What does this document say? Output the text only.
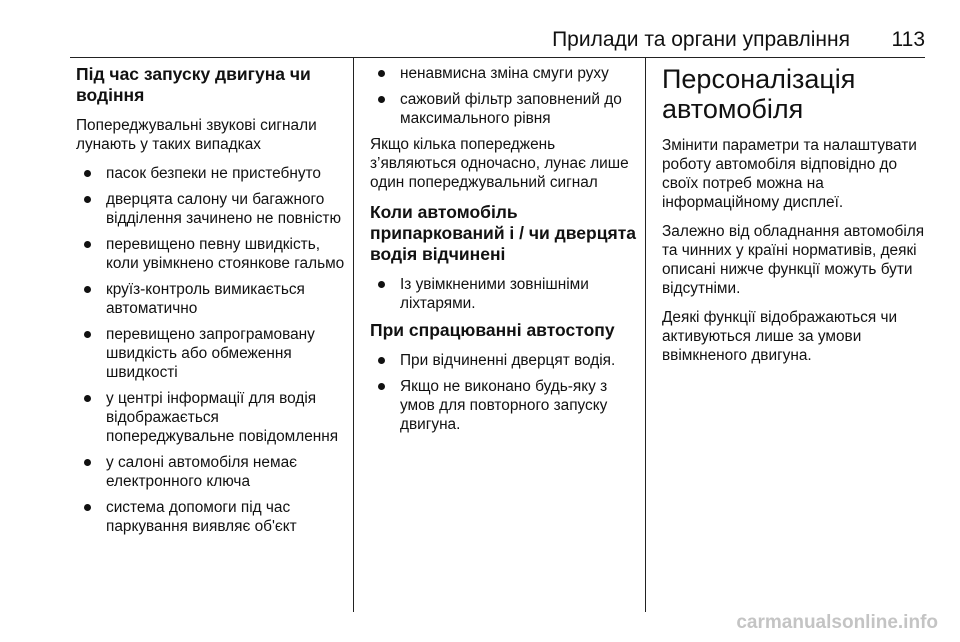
Прилади та органи управління 113
Під час запуску двигуна чи водіння

Попереджувальні звукові сигнали лунають у таких випадках

пасок безпеки не пристебнуто
дверцята салону чи багажного відділення зачинено не повністю
перевищено певну швидкість, коли увімкнено стоянкове гальмо
круїз-контроль вимикається автоматично
перевищено запрограмовану швидкість або обмеження швидкості
у центрі інформації для водія відображається попереджувальне повідомлення
у салоні автомобіля немає електронного ключа
система допомоги під час паркування виявляє об'єкт
ненавмисна зміна смуги руху
сажовий фільтр заповнений до максимального рівня

Якщо кілька попереджень з’являються одночасно, лунає лише один попереджувальний сигнал

Коли автомобіль припаркований і / чи дверцята водія відчинені
Із увімкненими зовнішніми ліхтарями.
При спрацюванні автостопу
При відчиненні дверцят водія.
Якщо не виконано будь-яку з умов для повторного запуску двигуна.
Персоналізація автомобіля

Змінити параметри та налаштувати роботу автомобіля відповідно до своїх потреб можна на інформаційному дисплеї.

Залежно від обладнання автомобіля та чинних у країні нормативів, деякі описані нижче функції можуть бути відсутніми.

Деякі функції відображаються чи активуються лише за умови ввімкненого двигуна.

carmanualsonline.info
